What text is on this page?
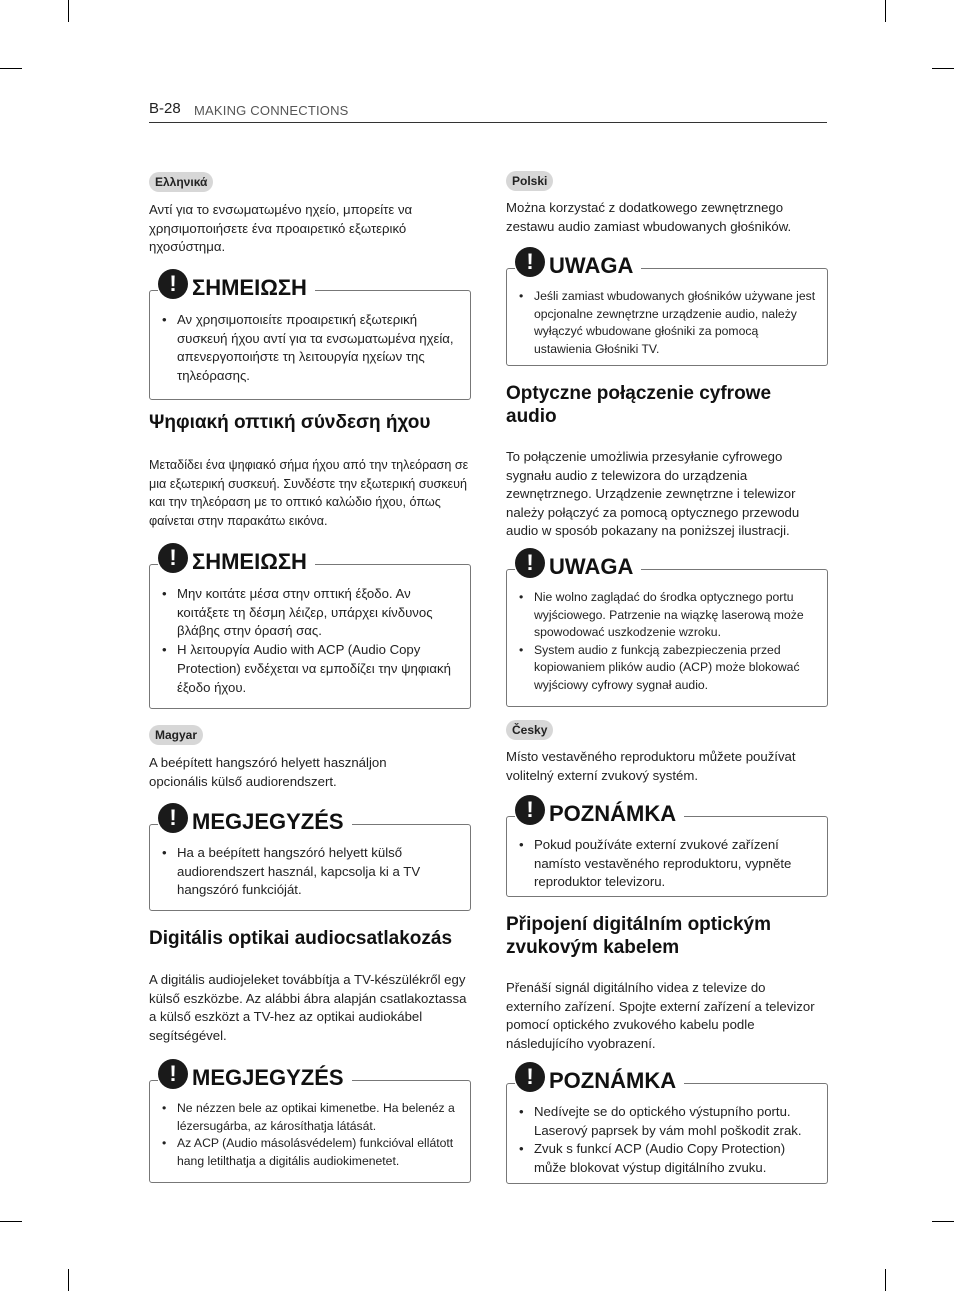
B-28 MAKING CONNECTIONS
Ελληνικά

Αντί για το ενσωματωμένο ηχείο, μπορείτε να χρησιμοποιήσετε ένα προαιρετικό εξωτερικό ηχοσύστημα.

! ΣΗΜΕΙΩΣΗ
• Αν χρησιμοποιείτε προαιρετική εξωτερική συσκευή ήχου αντί για τα ενσωματωμένα ηχεία, απενεργοποιήστε τη λειτουργία ηχείων της τηλεόρασης.
Ψηφιακή οπτική σύνδεση ήχου

Μεταδίδει ένα ψηφιακό σήμα ήχου από την τηλεόραση σε μια εξωτερική συσκευή. Συνδέστε την εξωτερική συσκευή και την τηλεόραση με το οπτικό καλώδιο ήχου, όπως φαίνεται στην παρακάτω εικόνα.

! ΣΗΜΕΙΩΣΗ
• Μην κοιτάτε μέσα στην οπτική έξοδο. Αν κοιτάξετε τη δέσμη λέιζερ, υπάρχει κίνδυνος βλάβης στην όρασή σας.
• Η λειτουργία Audio with ACP (Audio Copy Protection) ενδέχεται να εμποδίζει την ψηφιακή έξοδο ήχου.
Magyar

A beépített hangszóró helyett használjon opcionális külső audiorendszert.

! MEGJEGYZÉS
• Ha a beépített hangszóró helyett külső audiorendszert használ, kapcsolja ki a TV hangszóró funkcióját.
Digitális optikai audiocsatlakozás

A digitális audiojeleket továbbítja a TV-készülékről egy külső eszközbe. Az alábbi ábra alapján csatlakoztassa a külső eszközt a TV-hez az optikai audiokábel segítségével.

! MEGJEGYZÉS
• Ne nézzen bele az optikai kimenetbe. Ha belenéz a lézersugárba, az károsíthatja látását.
• Az ACP (Audio másolásvédelem) funkcióval ellátott hang letilthatja a digitális audiokimenetet.
Polski

Można korzystać z dodatkowego zewnętrznego zestawu audio zamiast wbudowanych głośników.

! UWAGA
• Jeśli zamiast wbudowanych głośników używane jest opcjonalne zewnętrzne urządzenie audio, należy wyłączyć wbudowane głośniki za pomocą ustawienia Głośniki TV.
Optyczne połączenie cyfrowe audio

To połączenie umożliwia przesyłanie cyfrowego sygnału audio z telewizora do urządzenia zewnętrznego. Urządzenie zewnętrzne i telewizor należy połączyć za pomocą optycznego przewodu audio w sposób pokazany na poniższej ilustracji.

! UWAGA
• Nie wolno zaglądać do środka optycznego portu wyjściowego. Patrzenie na wiązkę laserową może spowodować uszkodzenie wzroku.
• System audio z funkcją zabezpieczenia przed kopiowaniem plików audio (ACP) może blokować wyjściowy cyfrowy sygnał audio.
Česky

Místo vestavěného reproduktoru můžete používat volitelný externí zvukový systém.

! POZNÁMKA
• Pokud používáte externí zvukové zařízení namísto vestavěného reproduktoru, vypněte reproduktor televizoru.
Připojení digitálním optickým zvukovým kabelem

Přenáší signál digitálního videa z televize do externího zařízení. Spojte externí zařízení a televizor pomocí optického zvukového kabelu podle následujícího vyobrazení.

! POZNÁMKA
• Nedívejte se do optického výstupního portu. Laserový paprsek by vám mohl poškodit zrak.
• Zvuk s funkcí ACP (Audio Copy Protection) může blokovat výstup digitálního zvuku.
